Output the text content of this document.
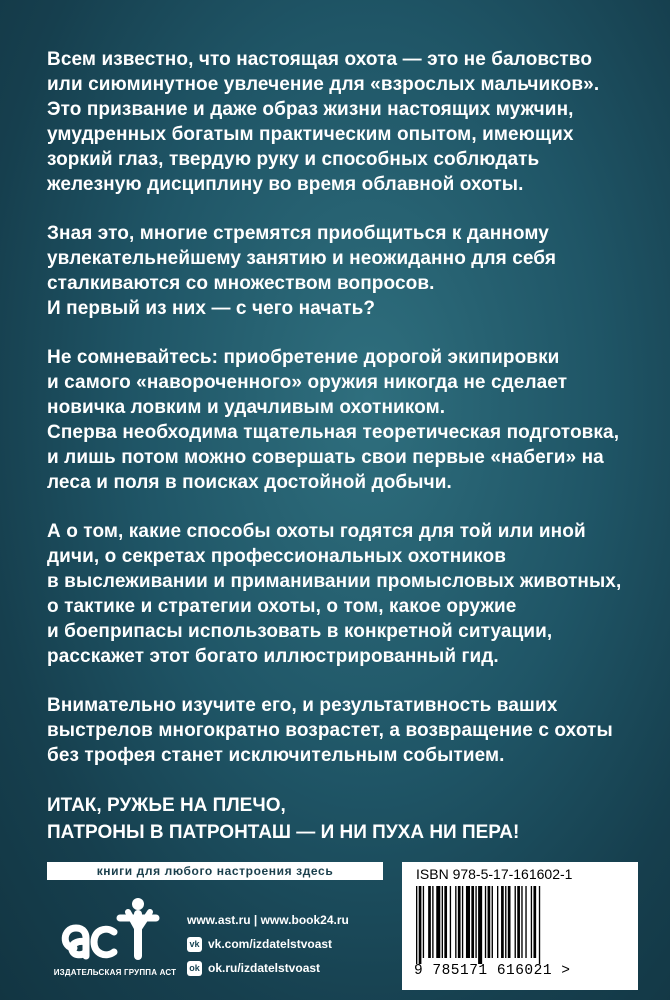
Всем известно, что настоящая охота — это не баловство
или сиюминутное увлечение для «взрослых мальчиков».
Это призвание и даже образ жизни настоящих мужчин,
умудренных богатым практическим опытом, имеющих
зоркий глаз, твердую руку и способных соблюдать
железную дисциплину во время облавной охоты.

Зная это, многие стремятся приобщиться к данному
увлекательнейшему занятию и неожиданно для себя
сталкиваются со множеством вопросов.
И первый из них — с чего начать?

Не сомневайтесь: приобретение дорогой экипировки
и самого «навороченного» оружия никогда не сделает
новичка ловким и удачливым охотником.
Сперва необходима тщательная теоретическая подготовка,
и лишь потом можно совершать свои первые «набеги» на
леса и поля в поисках достойной добычи.

А о том, какие способы охоты годятся для той или иной
дичи, о секретах профессиональных охотников
в выслеживании и приманивании промысловых животных,
о тактике и стратегии охоты, о том, какое оружие
и боеприпасы использовать в конкретной ситуации,
расскажет этот богато иллюстрированный гид.

Внимательно изучите его, и результативность ваших
выстрелов многократно возрастет, а возвращение с охоты
без трофея станет исключительным событием.

ИТАК, РУЖЬЕ НА ПЛЕЧО,
ПАТРОНЫ В ПАТРОНТАШ — И НИ ПУХА НИ ПЕРА!
книги для любого настроения здесь
ИЗДАТЕЛЬСКАЯ ГРУППА АСТ
www.ast.ru | www.book24.ru
vk vk.com/izdatelstvoast
ok ok.ru/izdatelstvoast
ISBN 978-5-17-161602-1
9 785171 616021 >
